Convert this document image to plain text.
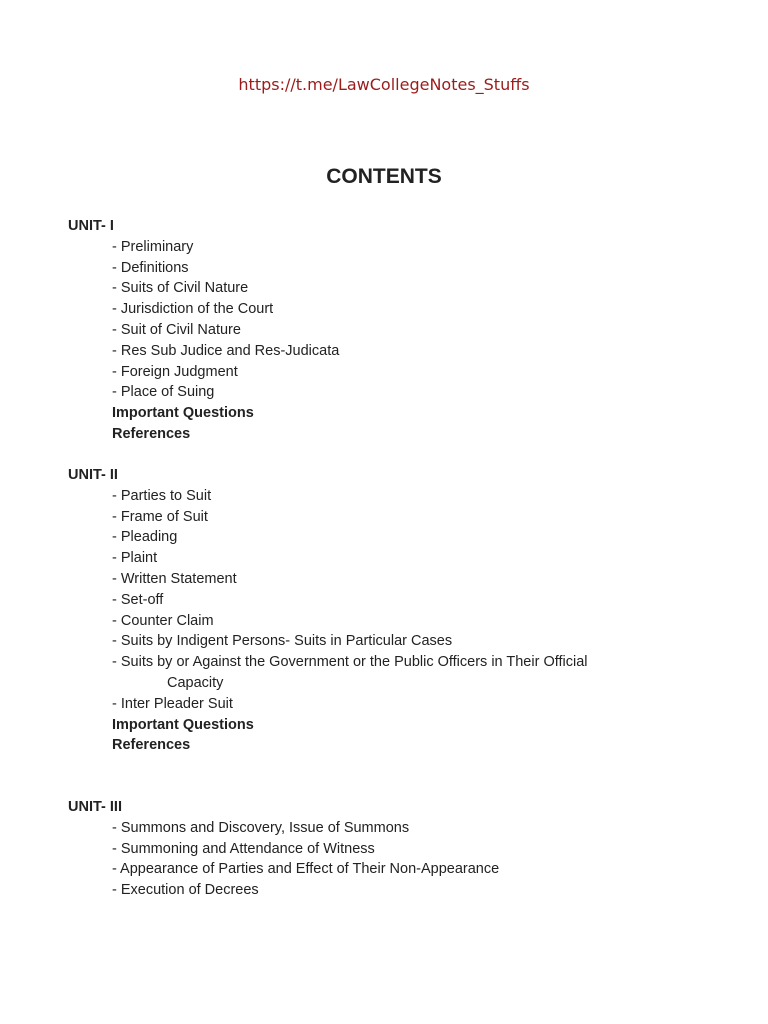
https://t.me/LawCollegeNotes_Stuffs
CONTENTS
UNIT- I
- Preliminary
- Definitions
- Suits of Civil Nature
- Jurisdiction of the Court
- Suit of Civil Nature
- Res Sub Judice and Res-Judicata
- Foreign Judgment
- Place of Suing
Important Questions
References
UNIT- II
- Parties to Suit
- Frame of Suit
- Pleading
- Plaint
- Written Statement
- Set-off
- Counter Claim
- Suits by Indigent Persons- Suits in Particular Cases
- Suits by or Against the Government or the Public Officers in Their Official
Capacity
- Inter Pleader Suit
Important Questions
References
UNIT- III
- Summons and Discovery, Issue of Summons
- Summoning and Attendance of Witness
- Appearance of Parties and Effect of Their Non-Appearance
- Execution of Decrees
